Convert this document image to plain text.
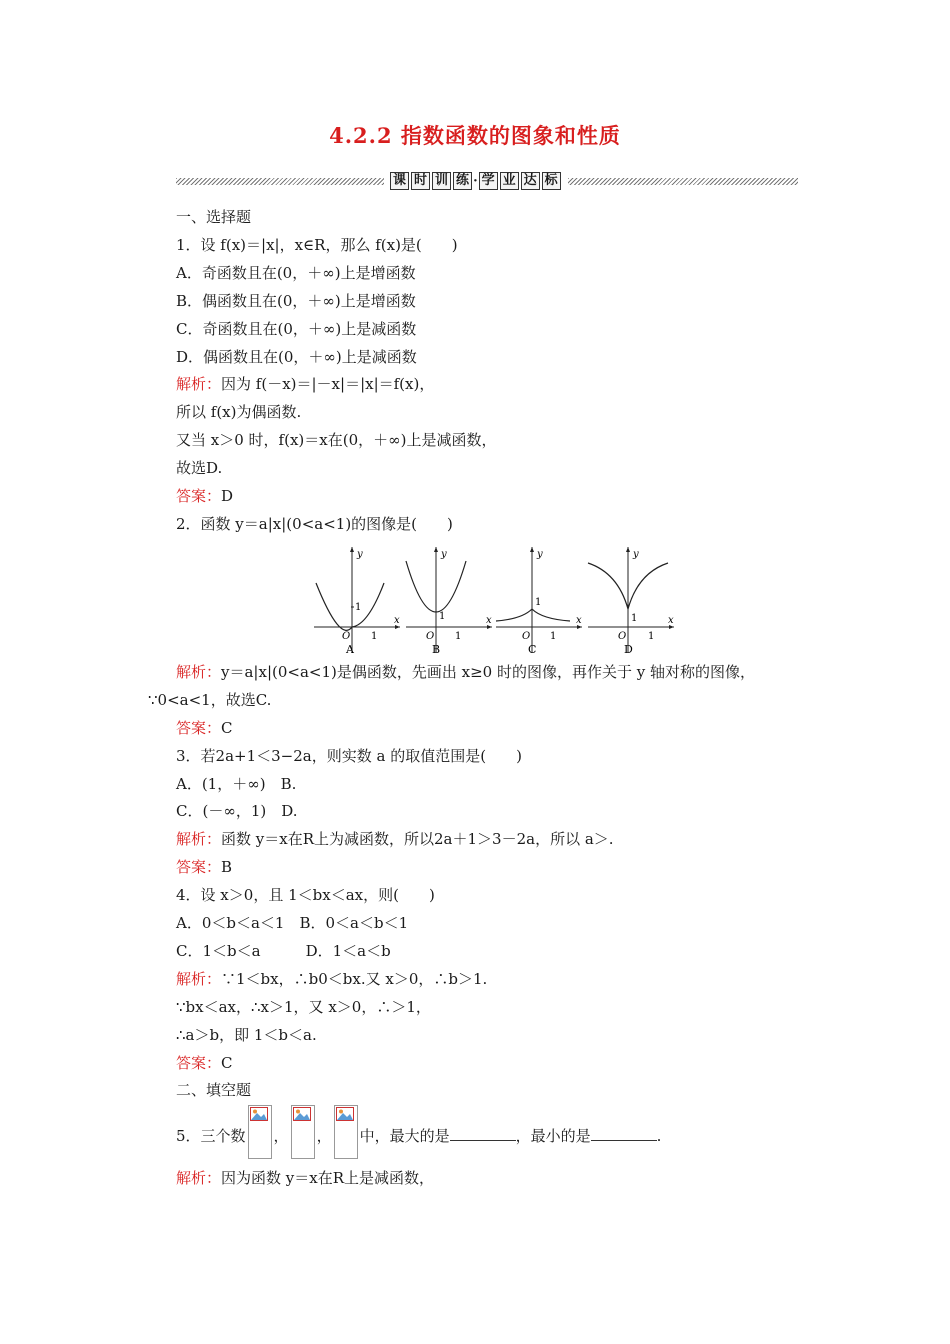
4.2.2 指数函数的图象和性质
课 时 训 练 · 学 业 达 标
一、选择题
1．设 f(x)＝|x|，x∈R，那么 f(x)是(　　)
A．奇函数且在(0，＋∞)上是增函数
B．偶函数且在(0，＋∞)上是增函数
C．奇函数且在(0，＋∞)上是减函数
D．偶函数且在(0，＋∞)上是减函数
解析：因为 f(－x)＝|－x|＝|x|＝f(x)，
所以 f(x)为偶函数.
又当 x＞0 时，f(x)＝x在(0，＋∞)上是减函数，
故选D.
答案：D
2．函数 y＝a|x|(0<a<1)的图像是(　　)
y
x
O
1
1
A
y
x
O
1
1
B
y
x
O
1
1
C
y
x
O
1
1
D
解析：y＝a|x|(0<a<1)是偶函数，先画出 x≥0 时的图像，再作关于 y 轴对称的图像，
∵0<a<1，故选C.
答案：C
3．若2a+1＜3−2a，则实数 a 的取值范围是(　　)
A．(1，＋∞)　B.
C．(－∞，1)　D.
解析：函数 y＝x在R上为减函数，所以2a＋1＞3－2a，所以 a＞.
答案：B
4．设 x＞0，且 1＜bx＜ax，则(　　)
A．0＜b＜a＜1　B．0＜a＜b＜1
C．1＜b＜a　　　D．1＜a＜b
解析：∵1＜bx，∴b0＜bx.又 x＞0，∴b＞1.
∵bx＜ax，∴x＞1，又 x＞0，∴＞1，
∴a＞b，即 1＜b＜a.
答案：C
二、填空题
5．三个数 ， ， 中，最大的是	，最小的是	.
解析：因为函数 y＝x在R上是减函数，
